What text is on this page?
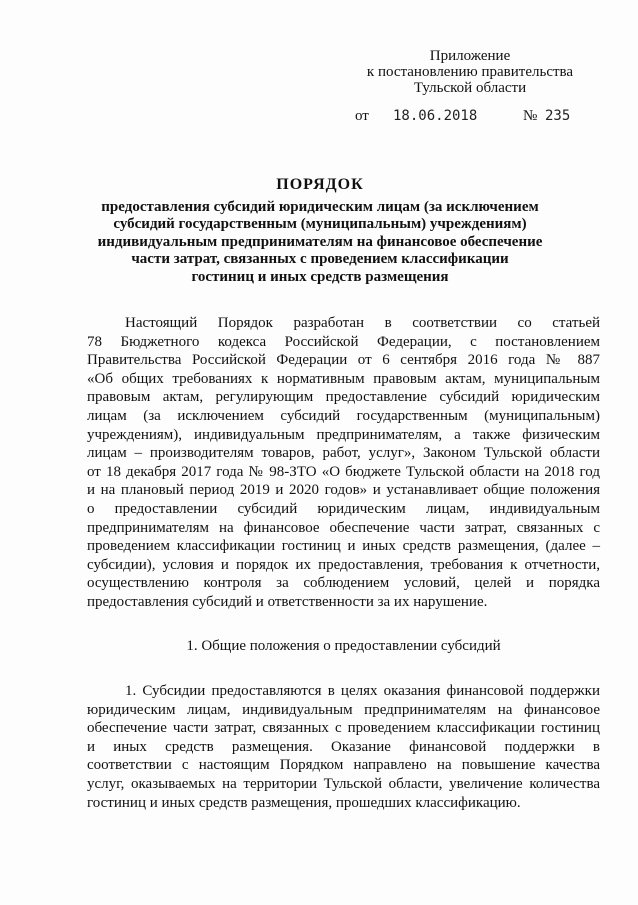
Приложение
к постановлению правительства
Тульской области
от 18.06.2018	№ 235
ПОРЯДОК
предоставления субсидий юридическим лицам (за исключением
субсидий государственным (муниципальным) учреждениям)
индивидуальным предпринимателям на финансовое обеспечение
части затрат, связанных с проведением классификации
гостиниц и иных средств размещения
Настоящий Порядок разработан в соответствии со статьей
78 Бюджетного кодекса Российской Федерации, с постановлением
Правительства Российской Федерации от 6 сентября 2016 года № 887
«Об общих требованиях к нормативным правовым актам, муниципальным
правовым актам, регулирующим предоставление субсидий юридическим
лицам (за исключением субсидий государственным (муниципальным)
учреждениям), индивидуальным предпринимателям, а также физическим
лицам – производителям товаров, работ, услуг», Законом Тульской области
от 18 декабря 2017 года № 98-ЗТО «О бюджете Тульской области на 2018 год
и на плановый период 2019 и 2020 годов» и устанавливает общие положения
о предоставлении субсидий юридическим лицам, индивидуальным
предпринимателям на финансовое обеспечение части затрат, связанных с
проведением классификации гостиниц и иных средств размещения, (далее –
субсидии), условия и порядок их предоставления, требования к отчетности,
осуществлению контроля за соблюдением условий, целей и порядка
предоставления субсидий и ответственности за их нарушение.
1. Общие положения о предоставлении субсидий
1. Субсидии предоставляются в целях оказания финансовой поддержки
юридическим лицам, индивидуальным предпринимателям на финансовое
обеспечение части затрат, связанных с проведением классификации гостиниц
и иных средств размещения. Оказание финансовой поддержки в
соответствии с настоящим Порядком направлено на повышение качества
услуг, оказываемых на территории Тульской области, увеличение количества
гостиниц и иных средств размещения, прошедших классификацию.
